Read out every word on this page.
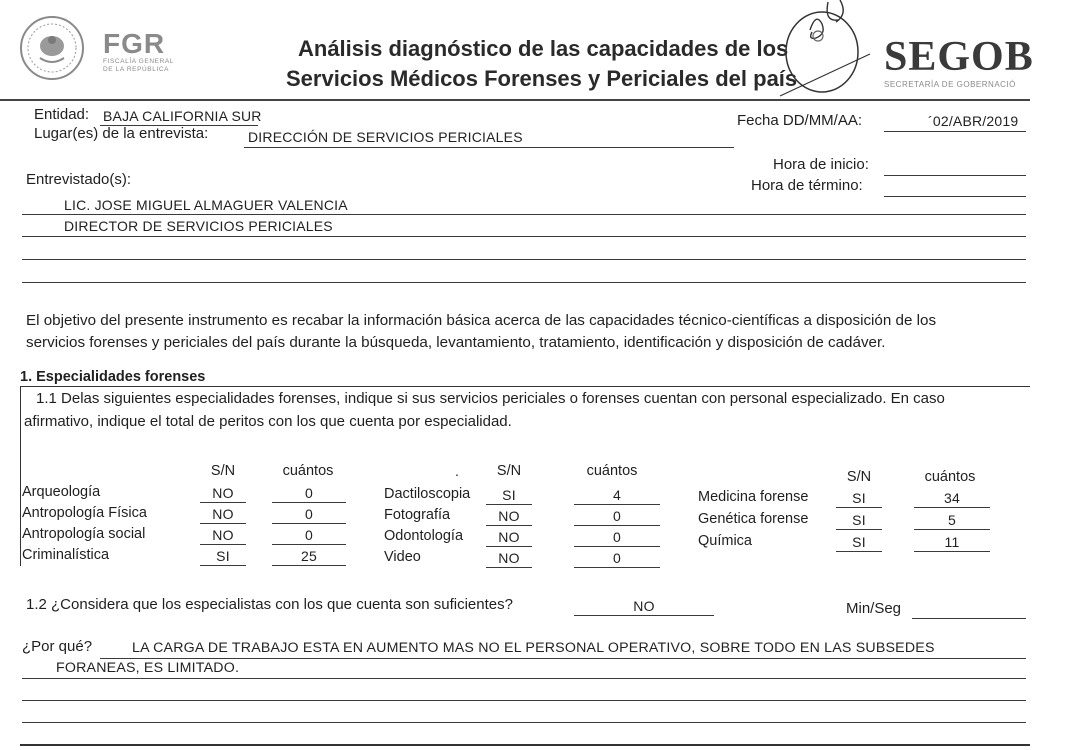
FGR
FISCALÍA GENERAL
DE LA REPÚBLICA
Análisis diagnóstico de las capacidades de los
Servicios Médicos Forenses y Periciales del país SEGOB
SECRETARÍA DE GOBERNACIÓ
Entidad: BAJA CALIFORNIA SUR
Lugar(es) de la entrevista:	DIRECCIÓN DE SERVICIOS PERICIALES
Fecha DD/MM/AA:	´02/ABR/2019
Hora de inicio:
Hora de término:
Entrevistado(s):
LIC. JOSE MIGUEL ALMAGUER VALENCIA
DIRECTOR DE SERVICIOS PERICIALES
El objetivo del presente instrumento es recabar la información básica acerca de las capacidades técnico-científicas a disposición de los
servicios forenses y periciales del país durante la búsqueda, levantamiento, tratamiento, identificación y disposición de cadáver.
1. Especialidades forenses
1.1 Delas siguientes especialidades forenses, indique si sus servicios periciales o forenses cuentan con personal especializado. En caso
afirmativo, indique el total de peritos con los que cuenta por especialidad.
S/N	cuántos	.	S/N	cuántos	S/N	cuántos
Arqueología	NO	0
Antropología Física	NO	0
Antropología social	NO	0
Criminalística	SI	25
Dactiloscopia	SI	4
Fotografía	NO	0
Odontología	NO	0
Video	NO	0
Medicina forense	SI	34
Genética forense	SI	5
Química	SI	11
1.2 ¿Considera que los especialistas con los que cuenta son suficientes?	NO	Min/Seg
¿Por qué?	LA CARGA DE TRABAJO ESTA EN AUMENTO MAS NO EL PERSONAL OPERATIVO, SOBRE TODO EN LAS SUBSEDES
FORANEAS, ES LIMITADO.
